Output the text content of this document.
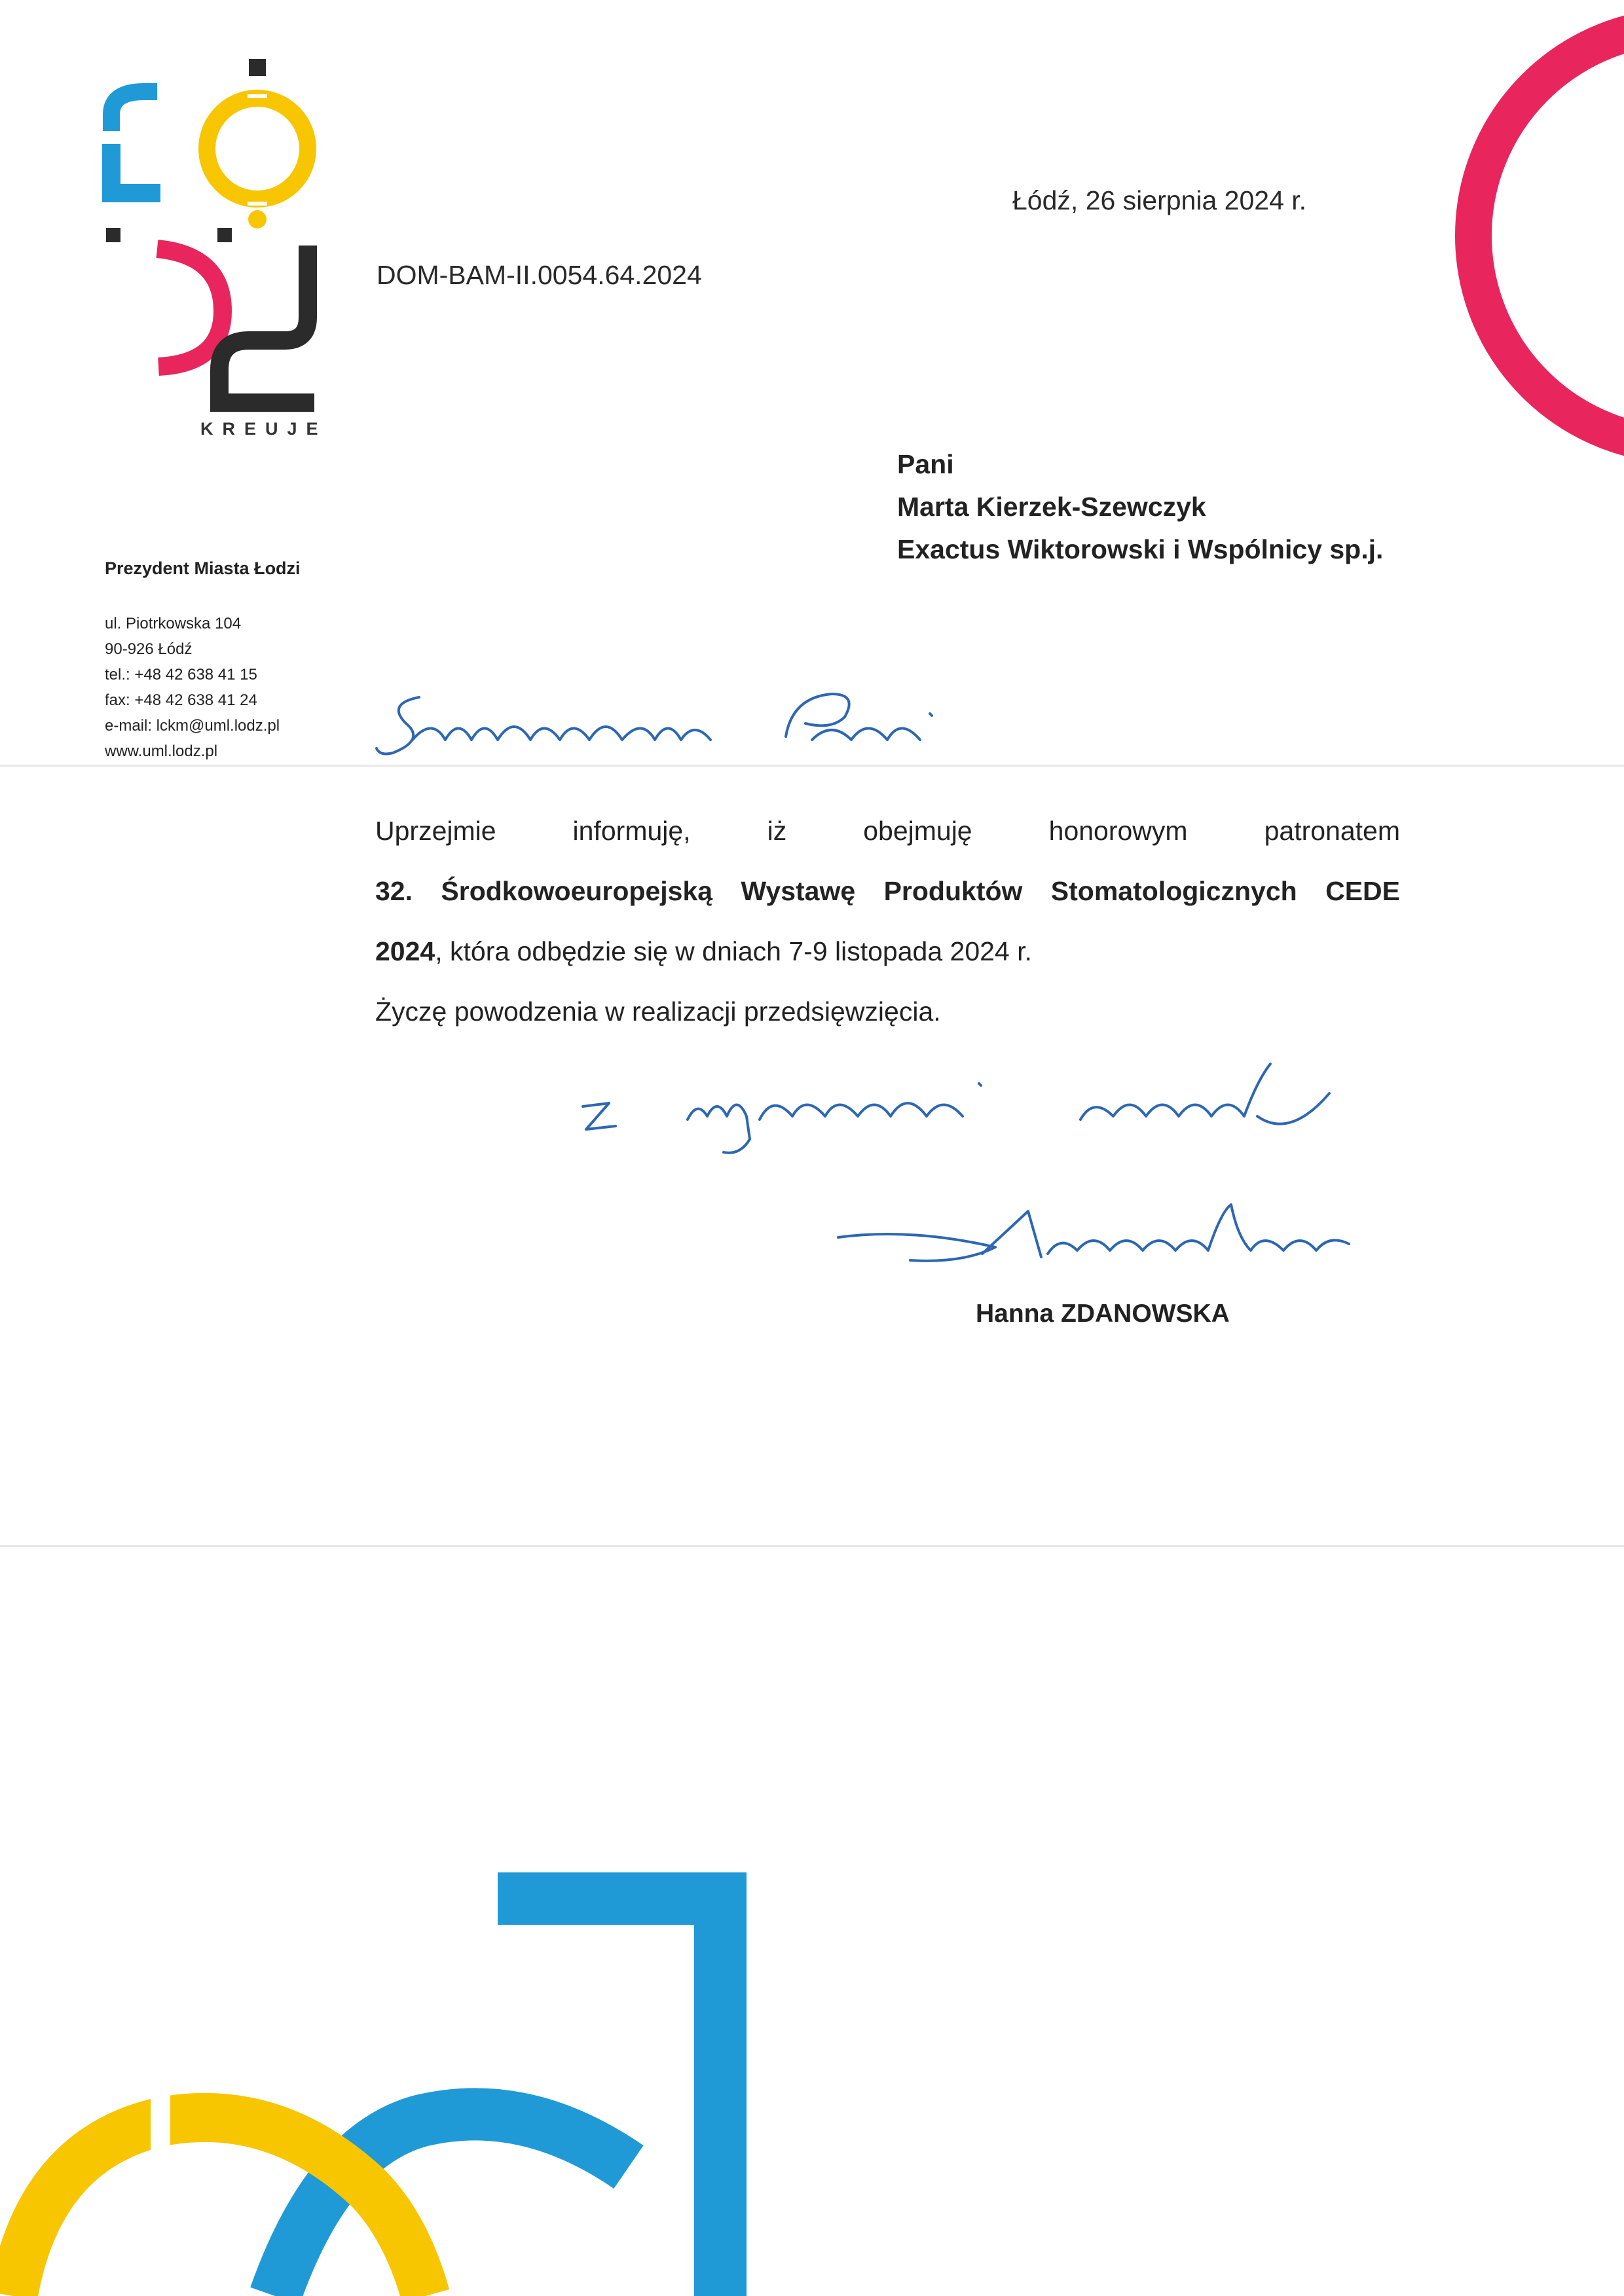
KREUJE
Prezydent Miasta Łodzi
ul. Piotrkowska 104
90-926 Łódź
tel.: +48 42 638 41 15
fax: +48 42 638 41 24
e-mail: lckm@uml.lodz.pl
www.uml.lodz.pl
DOM-BAM-II.0054.64.2024
Łódź, 26 sierpnia 2024 r.
Pani
Marta Kierzek-Szewczyk
Exactus Wiktorowski i Wspólnicy sp.j.
Uprzejmie informuję, iż obejmuję honorowym patronatem
32. Środkowoeuropejską Wystawę Produktów Stomatologicznych CEDE
2024, która odbędzie się w dniach 7-9 listopada 2024 r.
Życzę powodzenia w realizacji przedsięwzięcia.
Hanna ZDANOWSKA
